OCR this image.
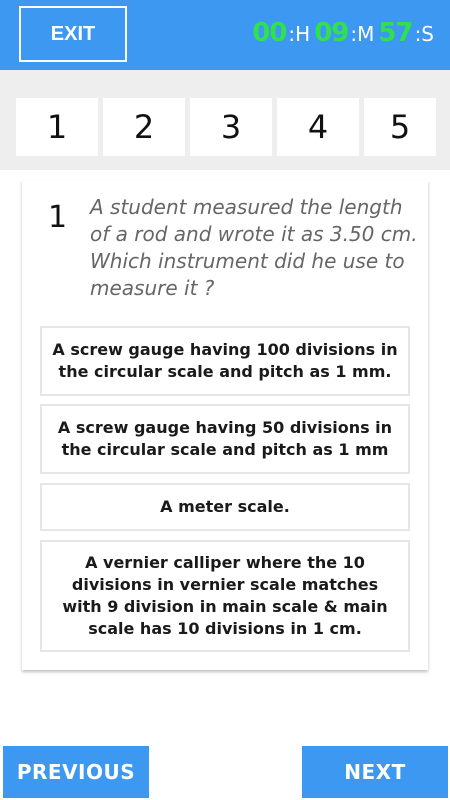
EXIT	00 :H 09 :M 57 :S
1	2	3	4	5
1 A student measured the length of a rod and wrote it as 3.50 cm. Which instrument did he use to measure it ?
A screw gauge having 100 divisions in the circular scale and pitch as 1 mm.
A screw gauge having 50 divisions in the circular scale and pitch as 1 mm
A meter scale.
A vernier calliper where the 10 divisions in vernier scale matches with 9 division in main scale & main scale has 10 divisions in 1 cm.
PREVIOUS	NEXT
